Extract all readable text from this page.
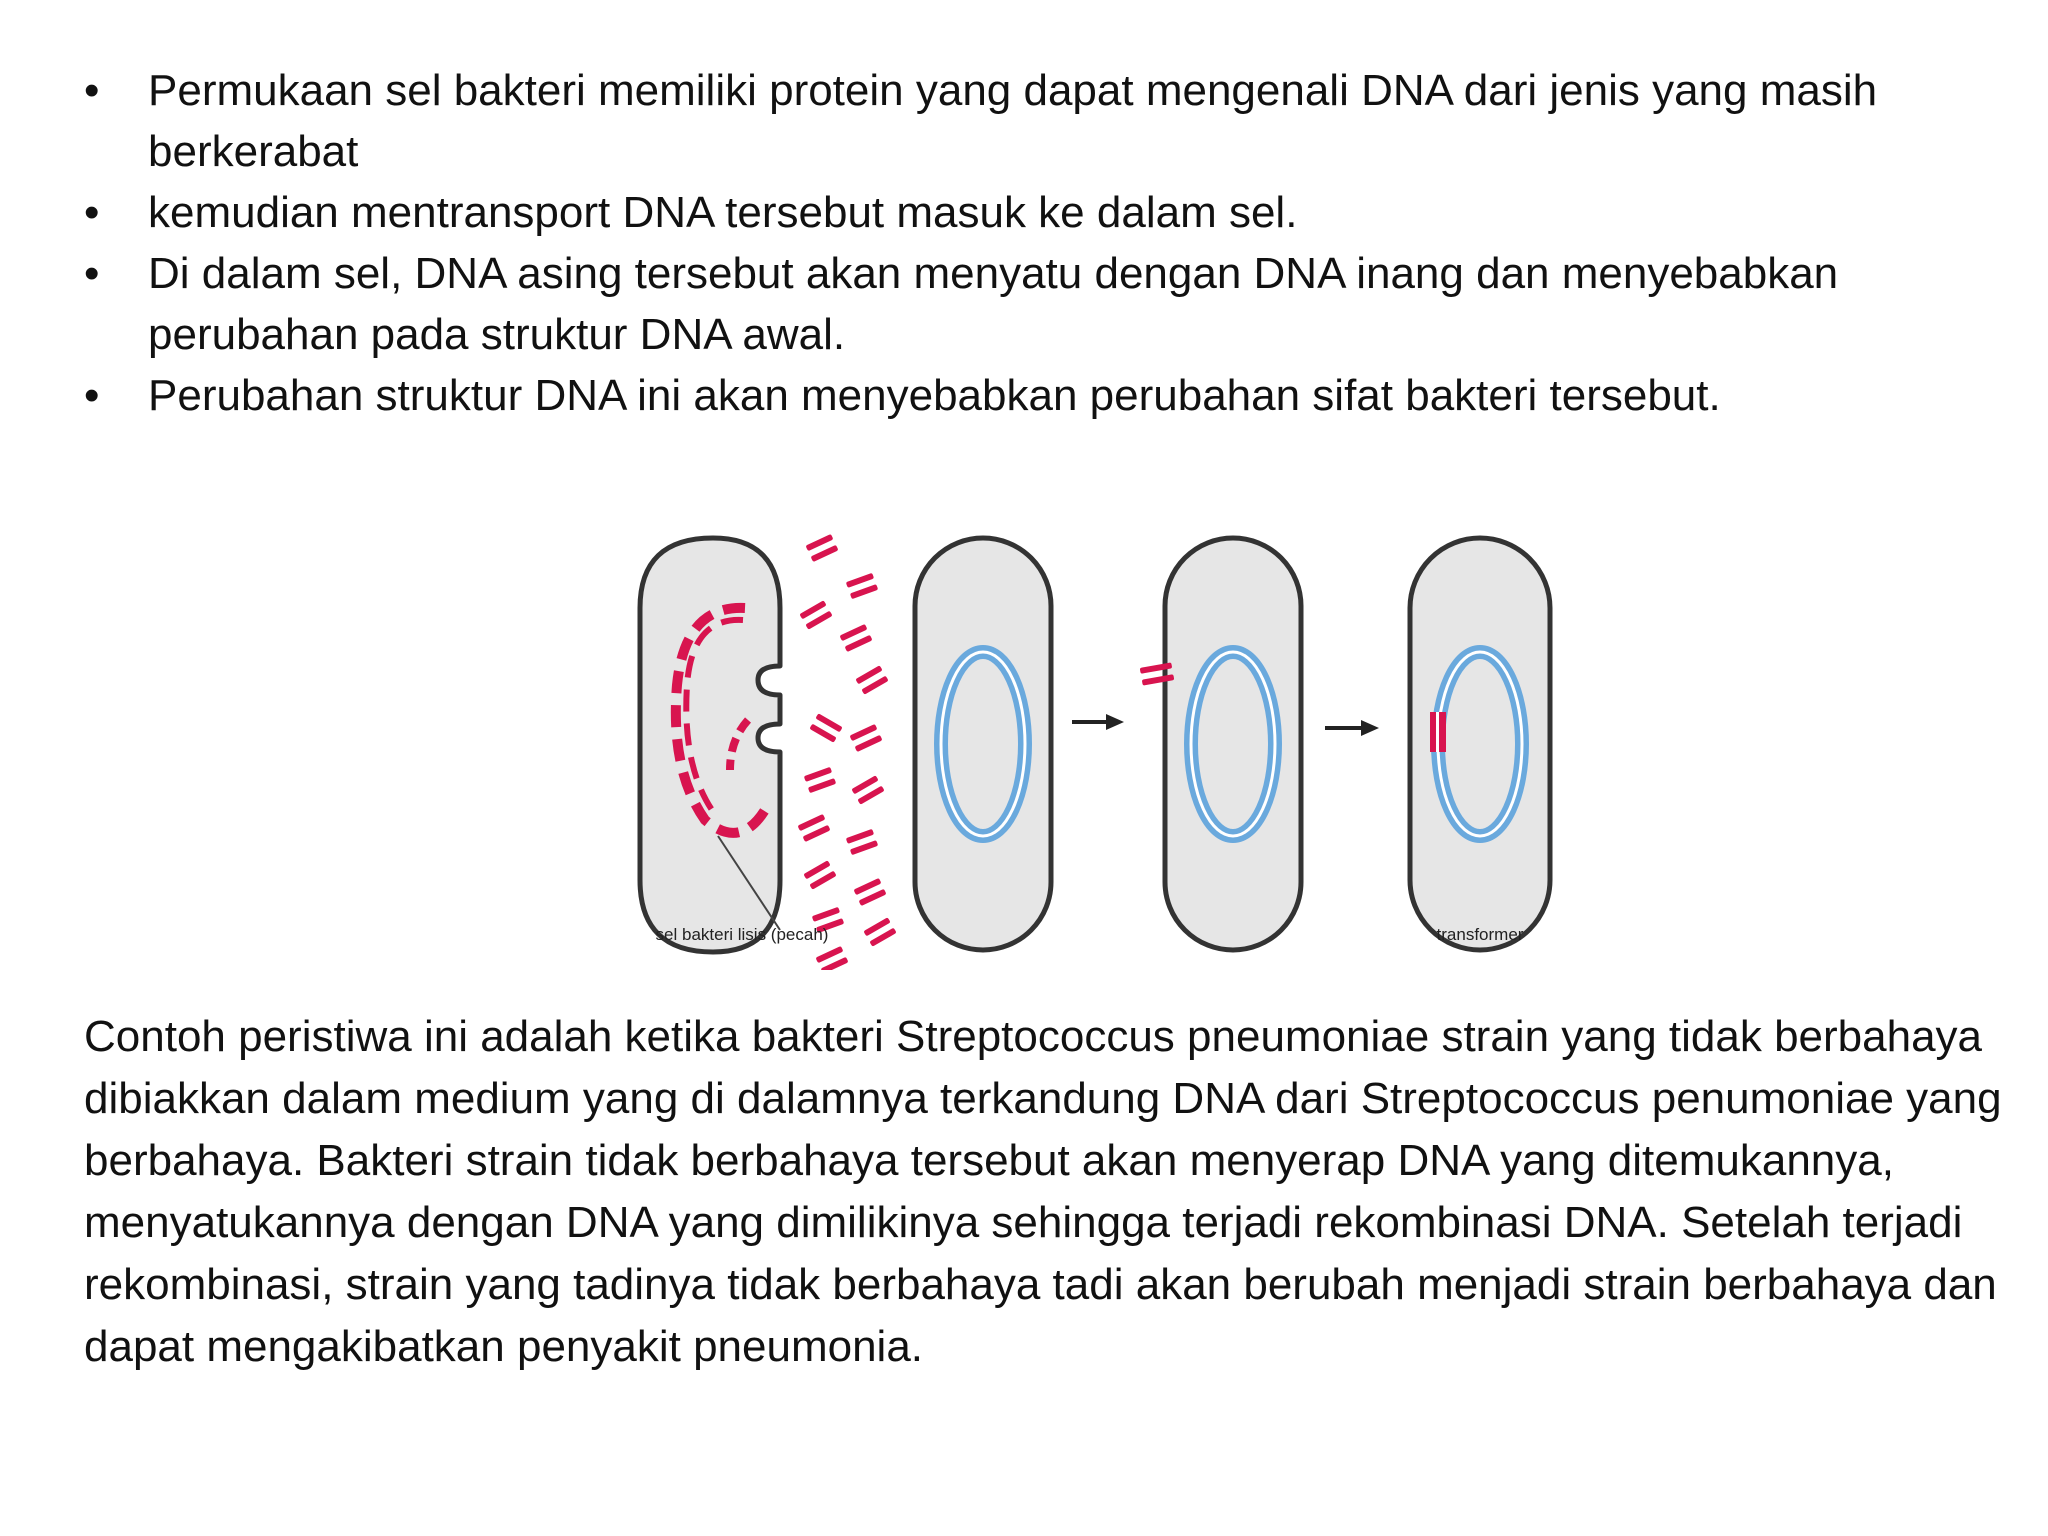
• Permukaan sel bakteri memiliki protein yang dapat mengenali DNA dari jenis yang masih berkerabat
• kemudian mentransport DNA tersebut masuk ke dalam sel.
• Di dalam sel, DNA asing tersebut akan menyatu dengan DNA inang dan menyebabkan perubahan pada struktur DNA awal.
• Perubahan struktur DNA ini akan menyebabkan perubahan sifat bakteri tersebut.
sel bakteri lisis (pecah)	transformer

Contoh peristiwa ini adalah ketika bakteri Streptococcus pneumoniae strain yang tidak berbahaya dibiakkan dalam medium yang di dalamnya terkandung DNA dari Streptococcus penumoniae yang berbahaya. Bakteri strain tidak berbahaya tersebut akan menyerap DNA yang ditemukannya, menyatukannya dengan DNA yang dimilikinya sehingga terjadi rekombinasi DNA. Setelah terjadi rekombinasi, strain yang tadinya tidak berbahaya tadi akan berubah menjadi strain berbahaya dan dapat mengakibatkan penyakit pneumonia.
